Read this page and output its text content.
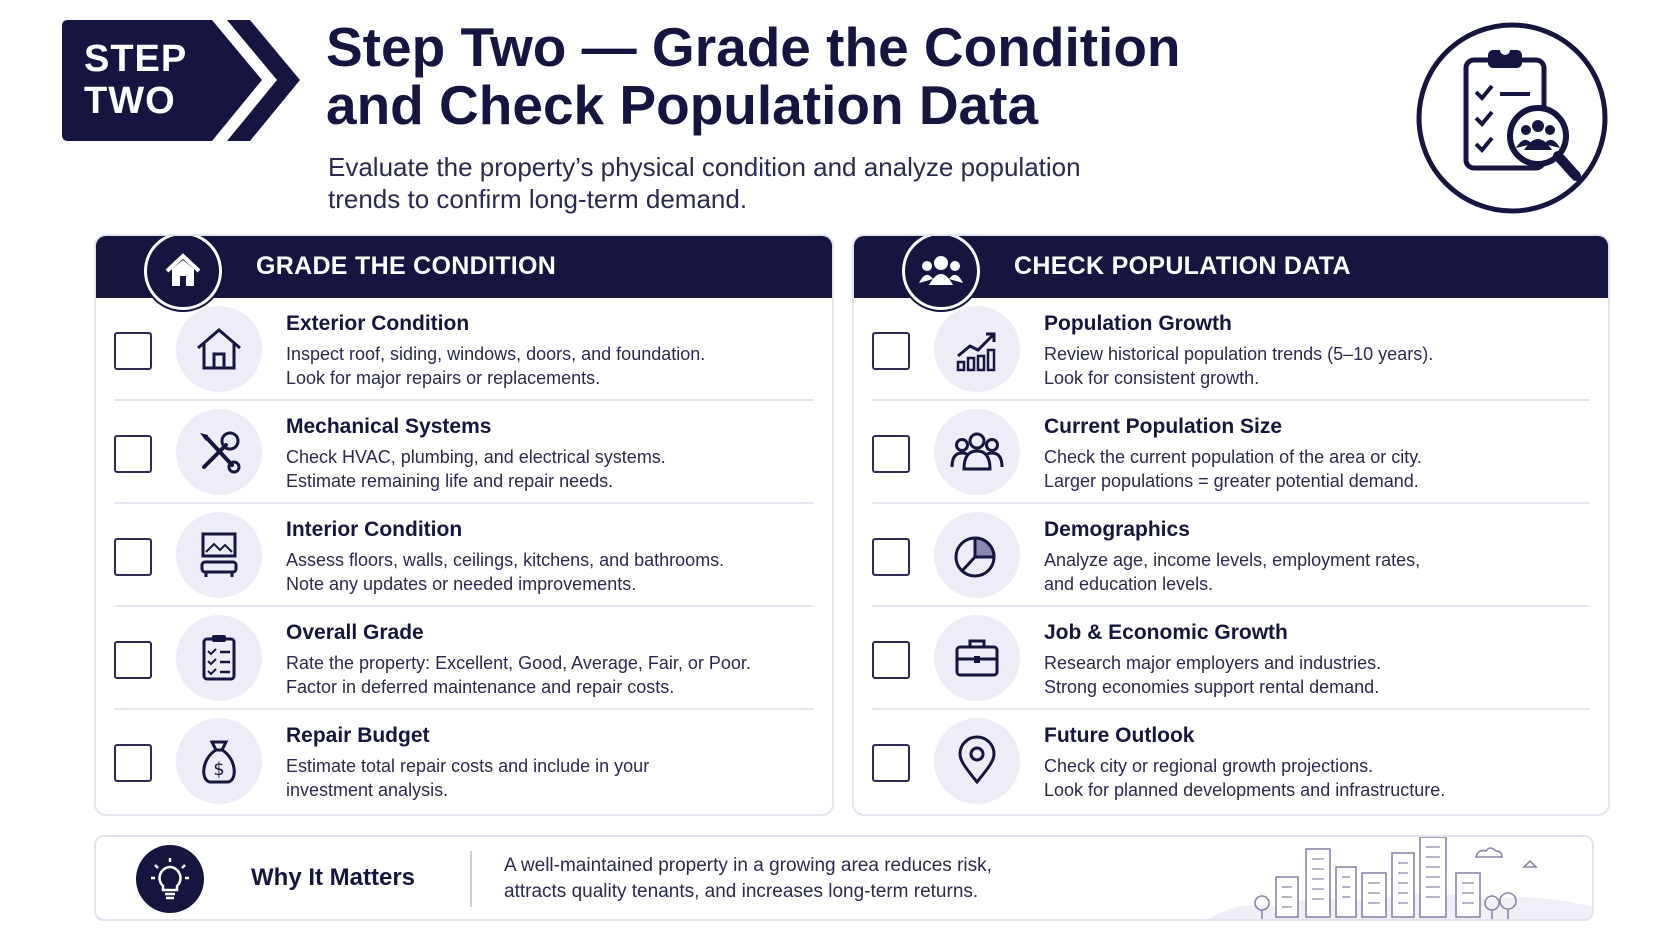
STEP
TWO
Step Two — Grade the Condition
and Check Population Data
Evaluate the property’s physical condition and analyze population
trends to confirm long-term demand.
GRADE THE CONDITION
Exterior Condition
Inspect roof, siding, windows, doors, and foundation.
Look for major repairs or replacements.
Mechanical Systems
Check HVAC, plumbing, and electrical systems.
Estimate remaining life and repair needs.
Interior Condition
Assess floors, walls, ceilings, kitchens, and bathrooms.
Note any updates or needed improvements.
Overall Grade
Rate the property: Excellent, Good, Average, Fair, or Poor.
Factor in deferred maintenance and repair costs.
$
Repair Budget
Estimate total repair costs and include in your
investment analysis.
CHECK POPULATION DATA
Population Growth
Review historical population trends (5–10 years).
Look for consistent growth.
Current Population Size
Check the current population of the area or city.
Larger populations = greater potential demand.
Demographics
Analyze age, income levels, employment rates,
and education levels.
Job & Economic Growth
Research major employers and industries.
Strong economies support rental demand.
Future Outlook
Check city or regional growth projections.
Look for planned developments and infrastructure.
Why It Matters	A well-maintained property in a growing area reduces risk,
attracts quality tenants, and increases long-term returns.
